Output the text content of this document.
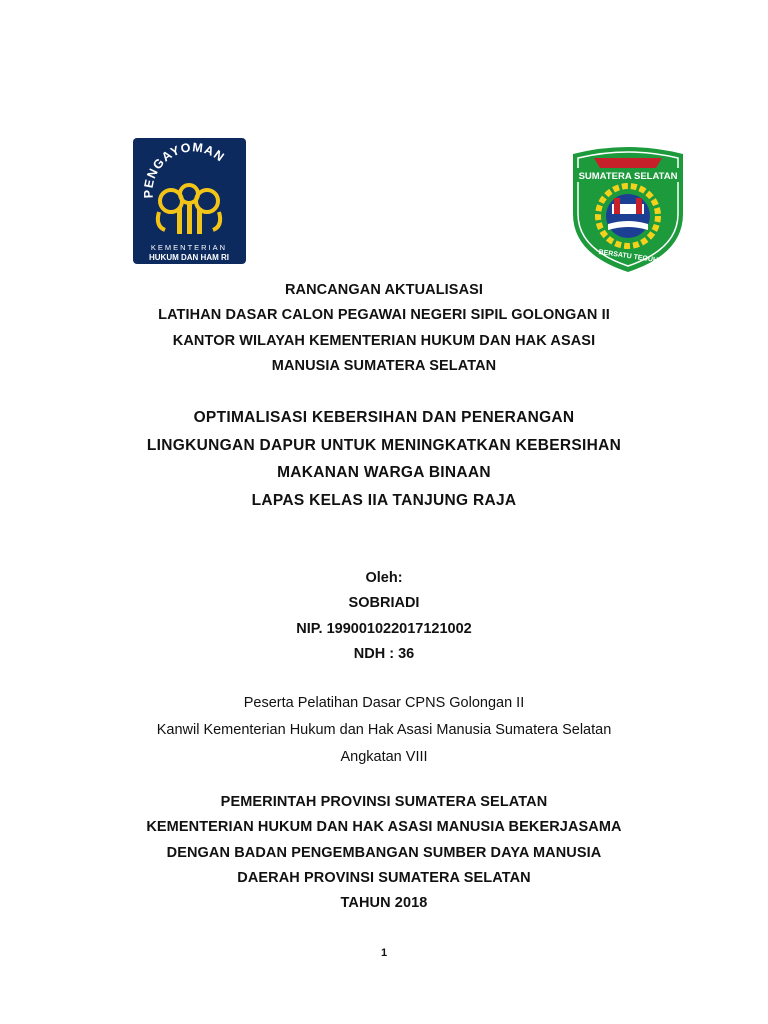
PENGAYOMAN
KEMENTERIAN
HUKUM DAN HAM RI
SUMATERA SELATAN
BERSATU TEGUH
RANCANGAN AKTUALISASI
LATIHAN DASAR CALON PEGAWAI NEGERI SIPIL GOLONGAN II
KANTOR WILAYAH KEMENTERIAN HUKUM DAN HAK ASASI
MANUSIA SUMATERA SELATAN
OPTIMALISASI KEBERSIHAN DAN PENERANGAN
LINGKUNGAN DAPUR UNTUK MENINGKATKAN KEBERSIHAN
MAKANAN WARGA BINAAN
LAPAS KELAS IIA TANJUNG RAJA
Oleh:
SOBRIADI
NIP. 199001022017121002
NDH : 36
Peserta Pelatihan Dasar CPNS Golongan II
Kanwil Kementerian Hukum dan Hak Asasi Manusia Sumatera Selatan
Angkatan VIII
PEMERINTAH PROVINSI SUMATERA SELATAN
KEMENTERIAN HUKUM DAN HAK ASASI MANUSIA BEKERJASAMA
DENGAN BADAN PENGEMBANGAN SUMBER DAYA MANUSIA
DAERAH PROVINSI SUMATERA SELATAN
TAHUN 2018
1
